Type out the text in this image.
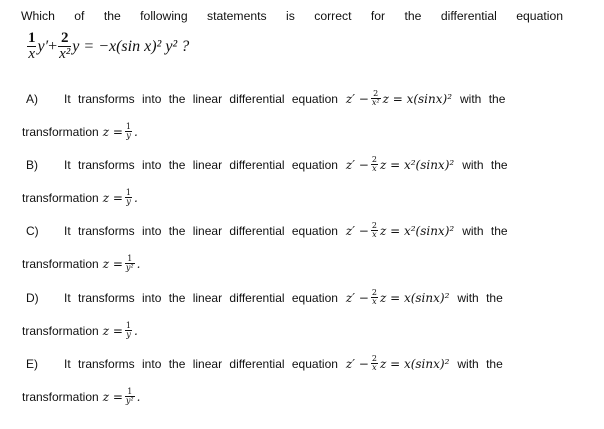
Which of the following statements is correct for the differential equation
$\frac{1}{x} y' + \frac{2}{\text{x²}}$ y = −x(sin x)² y² ?
A)	It transforms into the linear differential equation $z' - \frac{2}{\text{x²}}$ z = x(sinx)² with the
transformation $z = \frac{1}{y}$ .
B)	It transforms into the linear differential equation $z' - \frac{2}{x}$ z = x²(sinx)² with the
transformation $z = \frac{1}{y}$ .
C)	It transforms into the linear differential equation $z' - \frac{2}{x}$ z = x²(sinx)² with the
transformation $z = \frac{1}{\text{y²}}$ .
D)	It transforms into the linear differential equation $z' - \frac{2}{x}$ z = x(sinx)² with the
transformation $z = \frac{1}{y}$ .
E)	It transforms into the linear differential equation $z' - \frac{2}{x}$ z = x(sinx)² with the
transformation $z = \frac{1}{\text{y²}}$ .
